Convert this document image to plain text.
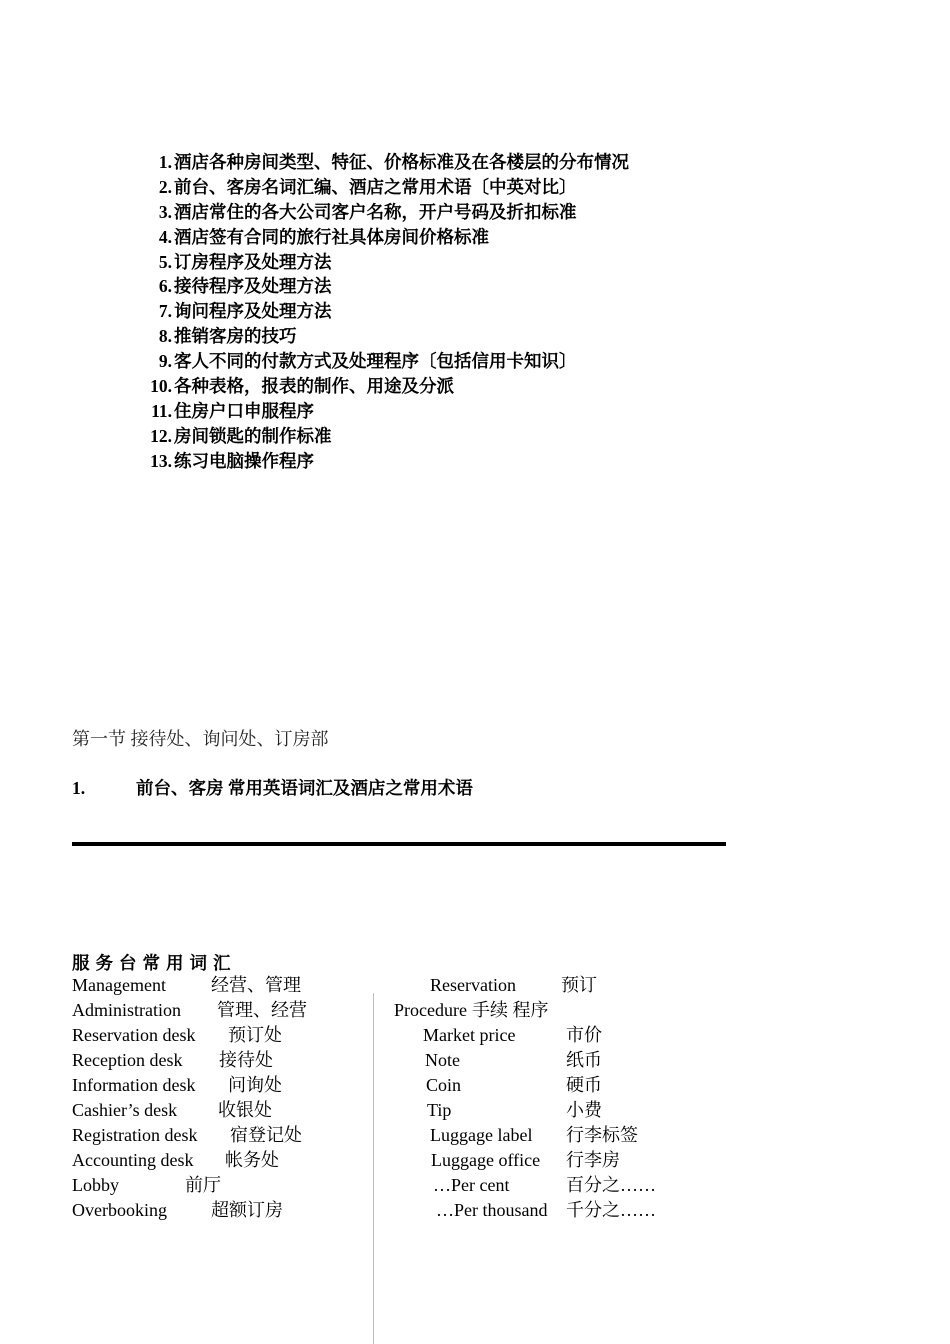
1. 酒店各种房间类型、特征、价格标准及在各楼层的分布情况
2. 前台、客房名词汇编、酒店之常用术语〔中英对比〕
3. 酒店常住的各大公司客户名称，开户号码及折扣标准
4. 酒店签有合同的旅行社具体房间价格标准
5. 订房程序及处理方法
6. 接待程序及处理方法
7. 询问程序及处理方法
8. 推销客房的技巧
9. 客人不同的付款方式及处理程序〔包括信用卡知识〕
10. 各种表格，报表的制作、用途及分派
11. 住房户口申服程序
12. 房间锁匙的制作标准
13. 练习电脑操作程序
第一节 接待处、询问处、订房部
1.	前台、客房 常用英语词汇及酒店之常用术语
服务台常用词汇
Management	经营、管理
Administration 管理、经营
Reservation desk 预订处
Reception desk 接待处
Information desk 问询处
Cashier’s desk 收银处
Registration desk 宿登记处
Accounting desk 帐务处
Lobby	前厅
Overbooking 超额订房
Reservation	预订
Procedure 手续 程序
Market price	市价
Note	纸币
Coin	硬币
Tip	小费
Luggage label 行李标签
Luggage office 行李房
…Per cent	百分之……
…Per thousand 千分之……
